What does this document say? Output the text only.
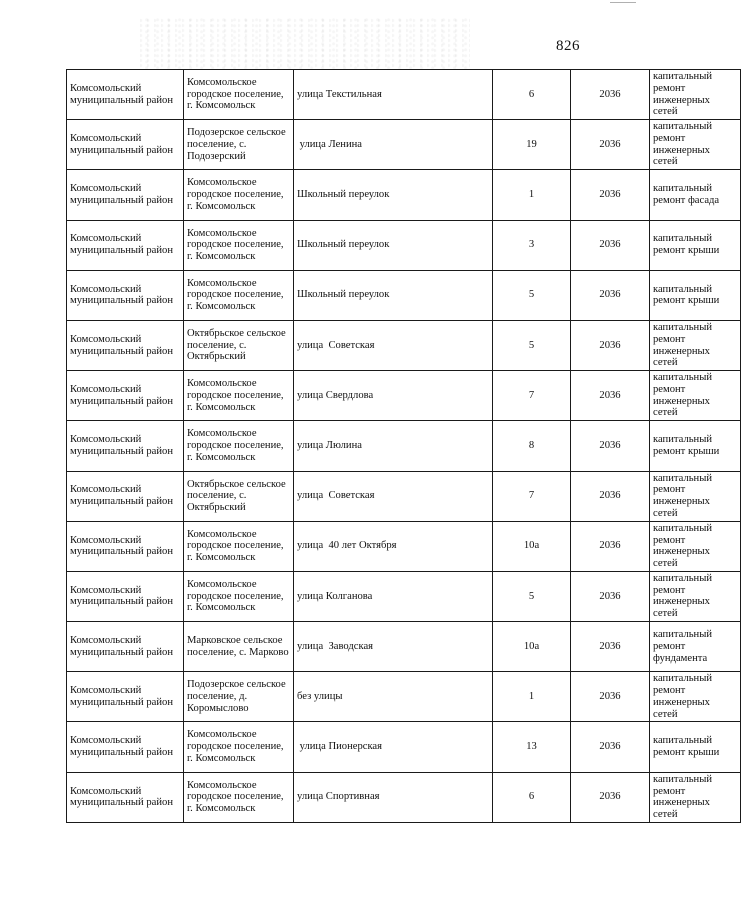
826
Комсомольский муниципальный район	Комсомольское городское поселение, г. Комсомольск	улица Текстильная	6	2036	капитальный ремонт инженерных сетей

Комсомольский муниципальный район	Подозерское сельское поселение, с. Подозерский	улица Ленина	19	2036	капитальный ремонт инженерных сетей

Комсомольский муниципальный район	Комсомольское городское поселение, г. Комсомольск	Школьный переулок	1	2036	капитальный ремонт фасада

Комсомольский муниципальный район	Комсомольское городское поселение, г. Комсомольск	Школьный переулок	3	2036	капитальный ремонт крыши

Комсомольский муниципальный район	Комсомольское городское поселение, г. Комсомольск	Школьный переулок	5	2036	капитальный ремонт крыши

Комсомольский муниципальный район	Октябрьское сельское поселение, с. Октябрьский	улица  Советская	5	2036	капитальный ремонт инженерных сетей

Комсомольский муниципальный район	Комсомольское городское поселение, г. Комсомольск	улица Свердлова	7	2036	капитальный ремонт инженерных сетей

Комсомольский муниципальный район	Комсомольское городское поселение, г. Комсомольск	улица Люлина	8	2036	капитальный ремонт крыши

Комсомольский муниципальный район	Октябрьское сельское поселение, с. Октябрьский	улица  Советская	7	2036	капитальный ремонт инженерных сетей

Комсомольский муниципальный район	Комсомольское городское поселение, г. Комсомольск	улица  40 лет Октября	10а	2036	капитальный ремонт инженерных сетей

Комсомольский муниципальный район	Комсомольское городское поселение, г. Комсомольск	улица Колганова	5	2036	капитальный ремонт инженерных сетей

Комсомольский муниципальный район	Марковское сельское поселение, с. Марково	улица  Заводская	10а	2036	капитальный ремонт фундамента

Комсомольский муниципальный район	Подозерское сельское поселение, д. Коромыслово	без улицы	1	2036	капитальный ремонт инженерных сетей

Комсомольский муниципальный район	Комсомольское городское поселение, г. Комсомольск	улица Пионерская	13	2036	капитальный ремонт крыши

Комсомольский муниципальный район	Комсомольское городское поселение, г. Комсомольск	улица Спортивная	6	2036	капитальный ремонт инженерных сетей
